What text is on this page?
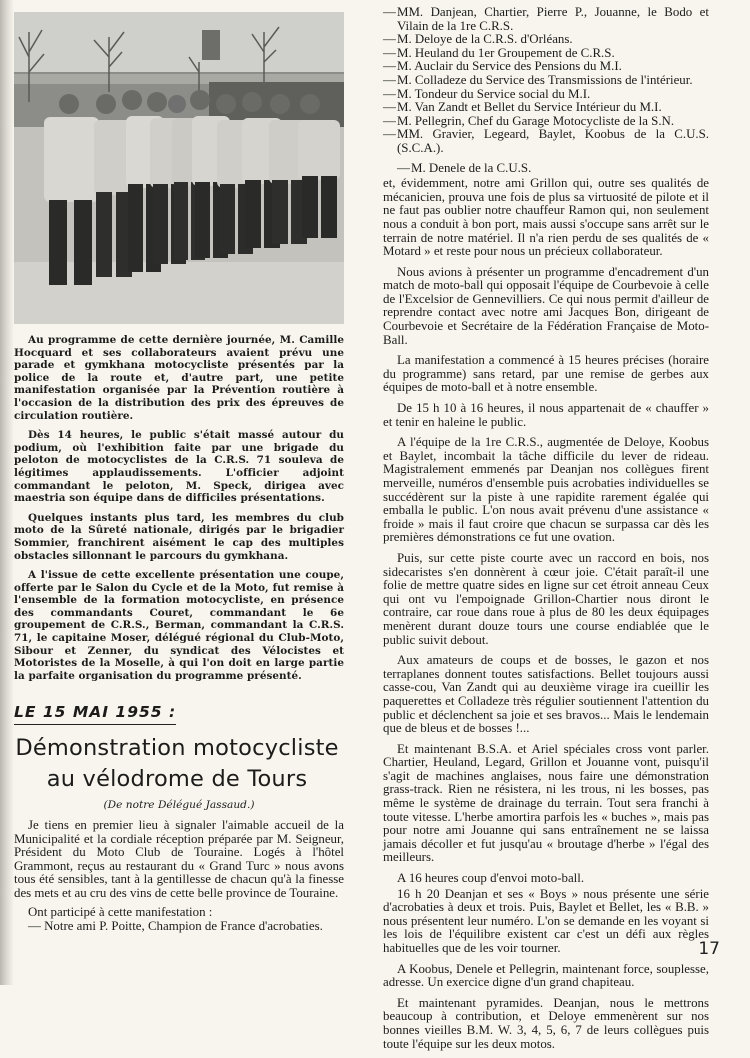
Au programme de cette dernière journée, M. Camille Hocquard et ses collaborateurs avaient prévu une parade et gymkhana motocycliste présentés par la police de la route et, d'autre part, une petite manifestation organisée par la Prévention routière à l'occasion de la distribution des prix des épreuves de circulation routière.

Dès 14 heures, le public s'était massé autour du podium, où l'exhibition faite par une brigade du peloton de motocyclistes de la C.R.S. 71 souleva de légitimes applaudissements. L'officier adjoint commandant le peloton, M. Speck, dirigea avec maestria son équipe dans de difficiles présentations.

Quelques instants plus tard, les membres du club moto de la Sûreté nationale, dirigés par le brigadier Sommier, franchirent aisément le cap des multiples obstacles sillonnant le parcours du gymkhana.

A l'issue de cette excellente présentation une coupe, offerte par le Salon du Cycle et de la Moto, fut remise à l'ensemble de la formation motocycliste, en présence des commandants Couret, commandant le 6e groupement de C.R.S., Berman, commandant la C.R.S. 71, le capitaine Moser, délégué régional du Club-Moto, Sibour et Zenner, du syndicat des Vélocistes et Motoristes de la Moselle, à qui l'on doit en large partie la parfaite organisation du programme présenté.

LE 15 MAI 1955 :
Démonstration motocycliste
au vélodrome de Tours
(De notre Délégué Jassaud.)

Je tiens en premier lieu à signaler l'aimable accueil de la Municipalité et la cordiale réception préparée par M. Seigneur, Président du Moto Club de Touraine. Logés à l'hôtel Grammont, reçus au restaurant du « Grand Turc » nous avons tous été sensibles, tant à la gentillesse de chacun qu'à la finesse des mets et au cru des vins de cette belle province de Touraine.

Ont participé à cette manifestation :

— Notre ami P. Poitte, Champion de France d'acrobaties.

—MM. Danjean, Chartier, Pierre P., Jouanne, le Bodo et Vilain de la 1re C.R.S.
—M. Deloye de la C.R.S. d'Orléans.
—M. Heuland du 1er Groupement de C.R.S.
—M. Auclair du Service des Pensions du M.I.
—M. Colladeze du Service des Transmissions de l'intérieur.
—M. Tondeur du Service social du M.I.
—M. Van Zandt et Bellet du Service Intérieur du M.I.
—M. Pellegrin, Chef du Garage Motocycliste de la S.N.
—MM. Gravier, Legeard, Baylet, Koobus de la C.U.S. (S.C.A.).
—M. Denele de la C.U.S.

et, évidemment, notre ami Grillon qui, outre ses qualités de mécanicien, prouva une fois de plus sa virtuosité de pilote et il ne faut pas oublier notre chauffeur Ramon qui, non seulement nous a conduit à bon port, mais aussi s'occupe sans arrêt sur le terrain de notre matériel. Il n'a rien perdu de ses qualités de « Motard » et reste pour nous un précieux collaborateur.

Nous avions à présenter un programme d'encadrement d'un match de moto-ball qui opposait l'équipe de Courbevoie à celle de l'Excelsior de Gennevilliers. Ce qui nous permit d'ailleur de reprendre contact avec notre ami Jacques Bon, dirigeant de Courbevoie et Secrétaire de la Fédération Française de Moto-Ball.

La manifestation a commencé à 15 heures précises (horaire du programme) sans retard, par une remise de gerbes aux équipes de moto-ball et à notre ensemble.

De 15 h 10 à 16 heures, il nous appartenait de « chauffer » et tenir en haleine le public.

A l'équipe de la 1re C.R.S., augmentée de Deloye, Koobus et Baylet, incombait la tâche difficile du lever de rideau. Magistralement emmenés par Deanjan nos collègues firent merveille, numéros d'ensemble puis acrobaties individuelles se succédèrent sur la piste à une rapidite rarement égalée qui emballa le public. L'on nous avait prévenu d'une assistance « froide » mais il faut croire que chacun se surpassa car dès les premières démonstrations ce fut une ovation.

Puis, sur cette piste courte avec un raccord en bois, nos sidecaristes s'en donnèrent à cœur joie. C'était paraît-il une folie de mettre quatre sides en ligne sur cet étroit anneau Ceux qui ont vu l'empoignade Grillon-Chartier nous diront le contraire, car roue dans roue à plus de 80 les deux équipages menèrent durant douze tours une course endiablée que le public suivit debout.

Aux amateurs de coups et de bosses, le gazon et nos terraplanes donnent toutes satisfactions. Bellet toujours aussi casse-cou, Van Zandt qui au deuxième virage ira cueillir les paquerettes et Colladeze très régulier soutiennent l'attention du public et déclenchent sa joie et ses bravos... Mais le lendemain que de bleus et de bosses !...

Et maintenant B.S.A. et Ariel spéciales cross vont parler. Chartier, Heuland, Legard, Grillon et Jouanne vont, puisqu'il s'agit de machines anglaises, nous faire une démonstration grass-track. Rien ne résistera, ni les trous, ni les bosses, pas même le système de drainage du terrain. Tout sera franchi à toute vitesse. L'herbe amortira parfois les « buches », mais pas pour notre ami Jouanne qui sans entraînement ne se laissa jamais décoller et fut jusqu'au « broutage d'herbe » l'égal des meilleurs.

A 16 heures coup d'envoi moto-ball.

16 h 20 Deanjan et ses « Boys » nous présente une série d'acrobaties à deux et trois. Puis, Baylet et Bellet, les « B.B. » nous présentent leur numéro. L'on se demande en les voyant si les lois de l'équilibre existent car c'est un défi aux règles habituelles que de les voir tourner.

A Koobus, Denele et Pellegrin, maintenant force, souplesse, adresse. Un exercice digne d'un grand chapiteau.

Et maintenant pyramides. Deanjan, nous le mettrons beaucoup à contribution, et Deloye emmenèrent sur nos bonnes vieilles B.M. W. 3, 4, 5, 6, 7 de leurs collègues puis toute l'équipe sur les deux motos.

17
